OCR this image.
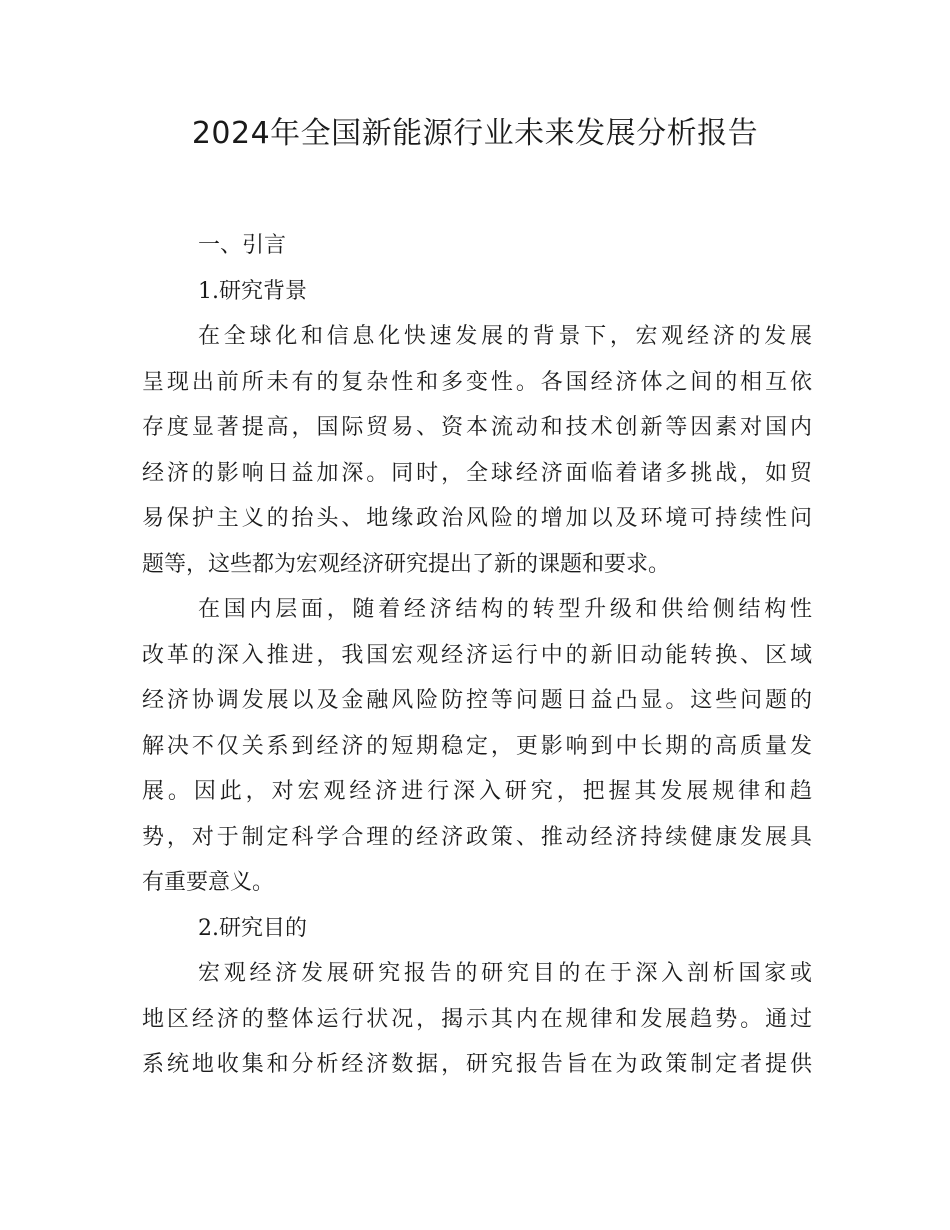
2024年全国新能源行业未来发展分析报告
一、引言
1.研究背景
在全球化和信息化快速发展的背景下，宏观经济的发展
呈现出前所未有的复杂性和多变性。各国经济体之间的相互依
存度显著提高，国际贸易、资本流动和技术创新等因素对国内
经济的影响日益加深。同时，全球经济面临着诸多挑战，如贸
易保护主义的抬头、地缘政治风险的增加以及环境可持续性问
题等，这些都为宏观经济研究提出了新的课题和要求。
在国内层面，随着经济结构的转型升级和供给侧结构性
改革的深入推进，我国宏观经济运行中的新旧动能转换、区域
经济协调发展以及金融风险防控等问题日益凸显。这些问题的
解决不仅关系到经济的短期稳定，更影响到中长期的高质量发
展。因此，对宏观经济进行深入研究，把握其发展规律和趋
势，对于制定科学合理的经济政策、推动经济持续健康发展具
有重要意义。
2.研究目的
宏观经济发展研究报告的研究目的在于深入剖析国家或
地区经济的整体运行状况，揭示其内在规律和发展趋势。通过
系统地收集和分析经济数据，研究报告旨在为政策制定者提供
